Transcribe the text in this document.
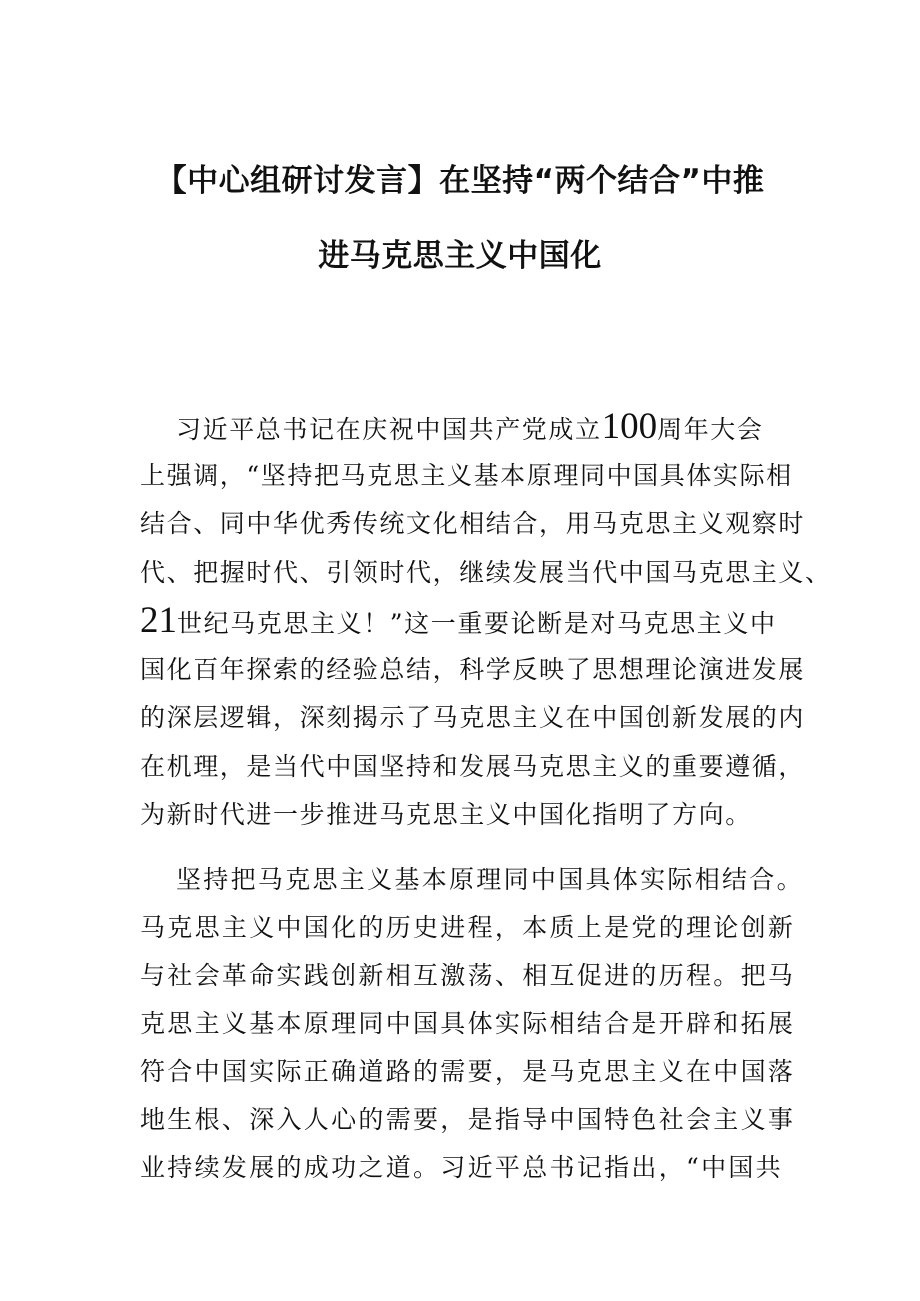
【中心组研讨发言】在坚持“两个结合”中推
进马克思主义中国化
习近平总书记在庆祝中国共产党成立100周年大会
上强调，“坚持把马克思主义基本原理同中国具体实际相
结合、同中华优秀传统文化相结合，用马克思主义观察时
代、把握时代、引领时代，继续发展当代中国马克思主义、
21世纪马克思主义！”这一重要论断是对马克思主义中
国化百年探索的经验总结，科学反映了思想理论演进发展
的深层逻辑，深刻揭示了马克思主义在中国创新发展的内
在机理，是当代中国坚持和发展马克思主义的重要遵循，
为新时代进一步推进马克思主义中国化指明了方向。
坚持把马克思主义基本原理同中国具体实际相结合。
马克思主义中国化的历史进程，本质上是党的理论创新
与社会革命实践创新相互激荡、相互促进的历程。把马
克思主义基本原理同中国具体实际相结合是开辟和拓展
符合中国实际正确道路的需要，是马克思主义在中国落
地生根、深入人心的需要，是指导中国特色社会主义事
业持续发展的成功之道。习近平总书记指出，“中国共
